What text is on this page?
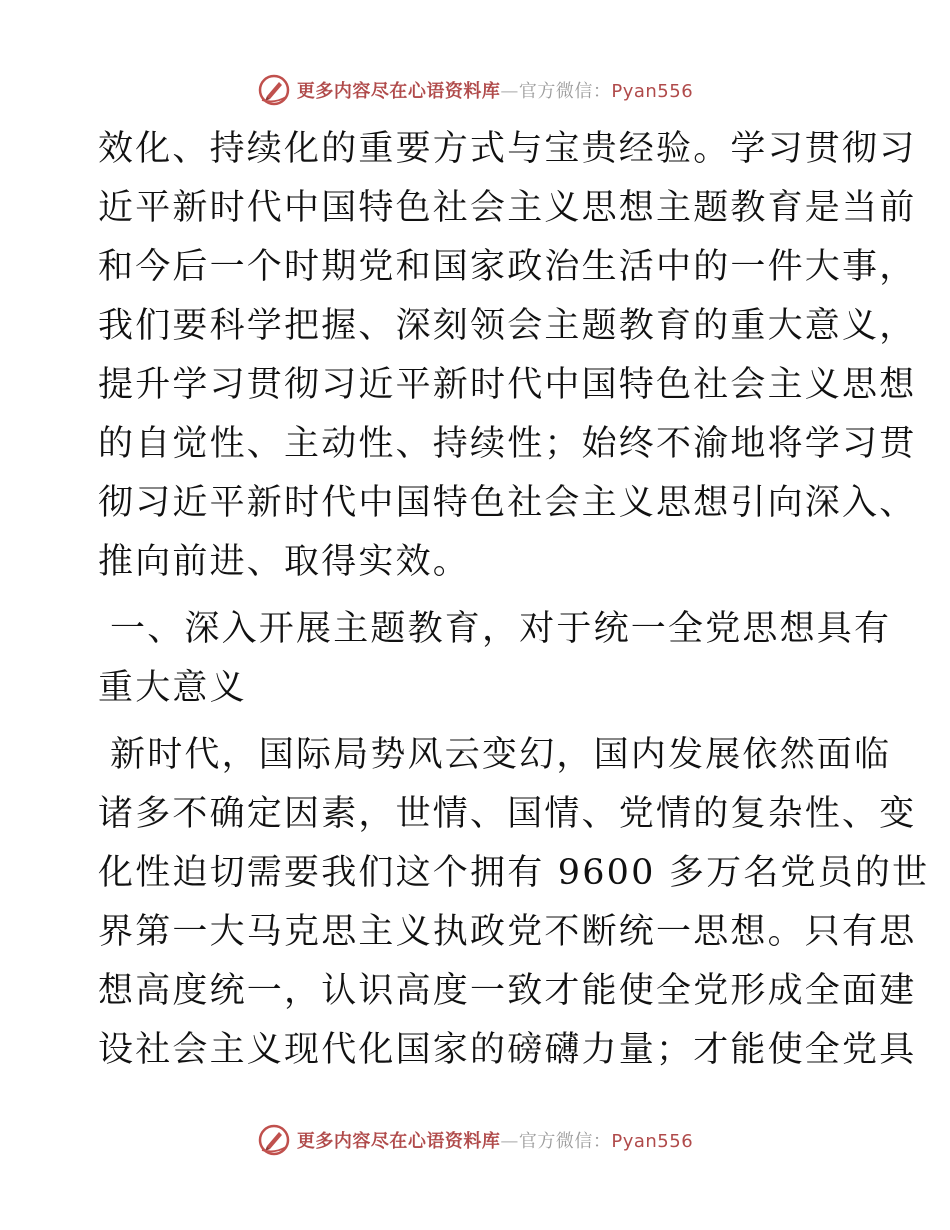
更多内容尽在心语资料库—官方微信：Pyan556
效化、持续化的重要方式与宝贵经验。学习贯彻习
近平新时代中国特色社会主义思想主题教育是当前
和今后一个时期党和国家政治生活中的一件大事，
我们要科学把握、深刻领会主题教育的重大意义，
提升学习贯彻习近平新时代中国特色社会主义思想
的自觉性、主动性、持续性；始终不渝地将学习贯
彻习近平新时代中国特色社会主义思想引向深入、
推向前进、取得实效。
一、深入开展主题教育，对于统一全党思想具有
重大意义
新时代，国际局势风云变幻，国内发展依然面临
诸多不确定因素，世情、国情、党情的复杂性、变
化性迫切需要我们这个拥有 9600 多万名党员的世
界第一大马克思主义执政党不断统一思想。只有思
想高度统一，认识高度一致才能使全党形成全面建
设社会主义现代化国家的磅礴力量；才能使全党具
更多内容尽在心语资料库—官方微信：Pyan556
